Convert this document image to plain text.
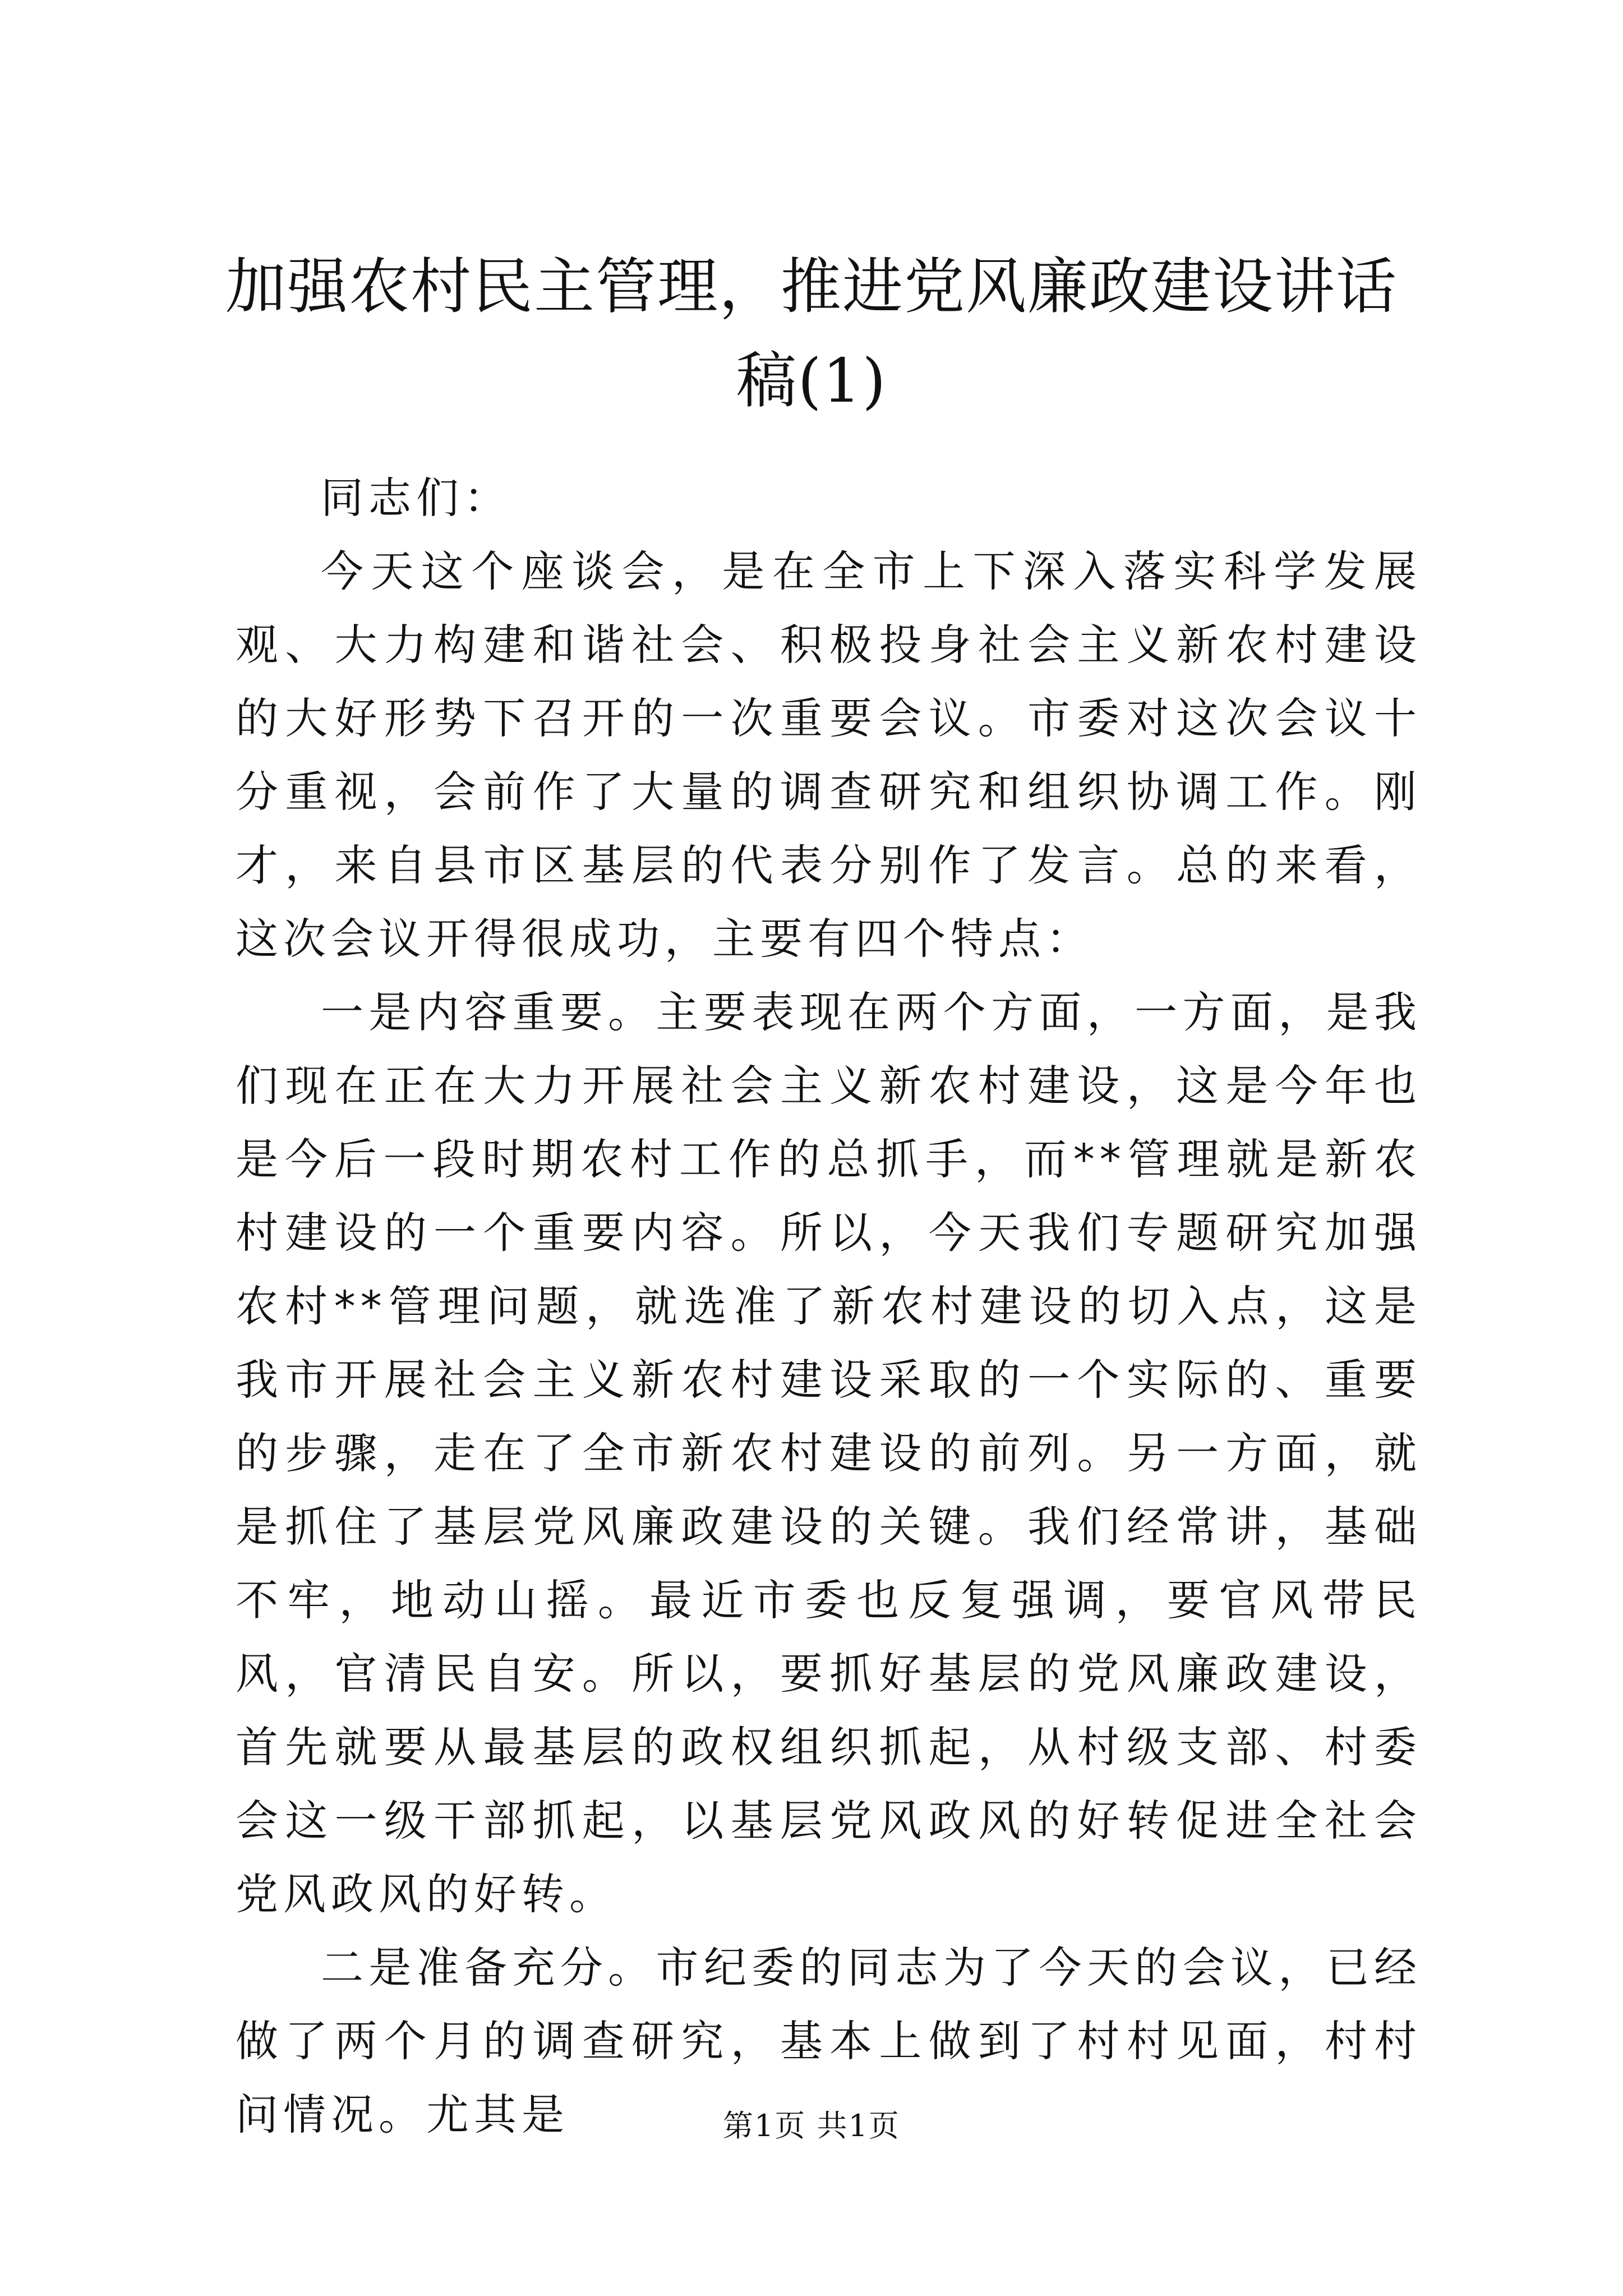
加强农村民主管理，推进党风廉政建设讲话稿(1)

同志们：

今天这个座谈会，是在全市上下深入落实科学发展观、大力构建和谐社会、积极投身社会主义新农村建设的大好形势下召开的一次重要会议。市委对这次会议十分重视，会前作了大量的调查研究和组织协调工作。刚才，来自县市区基层的代表分别作了发言。总的来看，这次会议开得很成功，主要有四个特点：

一是内容重要。主要表现在两个方面，一方面，是我们现在正在大力开展社会主义新农村建设，这是今年也是今后一段时期农村工作的总抓手，而**管理就是新农村建设的一个重要内容。所以，今天我们专题研究加强农村**管理问题，就选准了新农村建设的切入点，这是我市开展社会主义新农村建设采取的一个实际的、重要的步骤，走在了全市新农村建设的前列。另一方面，就是抓住了基层党风廉政建设的关键。我们经常讲，基础不牢，地动山摇。最近市委也反复强调，要官风带民风，官清民自安。所以，要抓好基层的党风廉政建设，首先就要从最基层的政权组织抓起，从村级支部、村委会这一级干部抓起，以基层党风政风的好转促进全社会党风政风的好转。

二是准备充分。市纪委的同志为了今天的会议，已经做了两个月的调查研究，基本上做到了村村见面，村村问情况。尤其是	第1页 共1页
